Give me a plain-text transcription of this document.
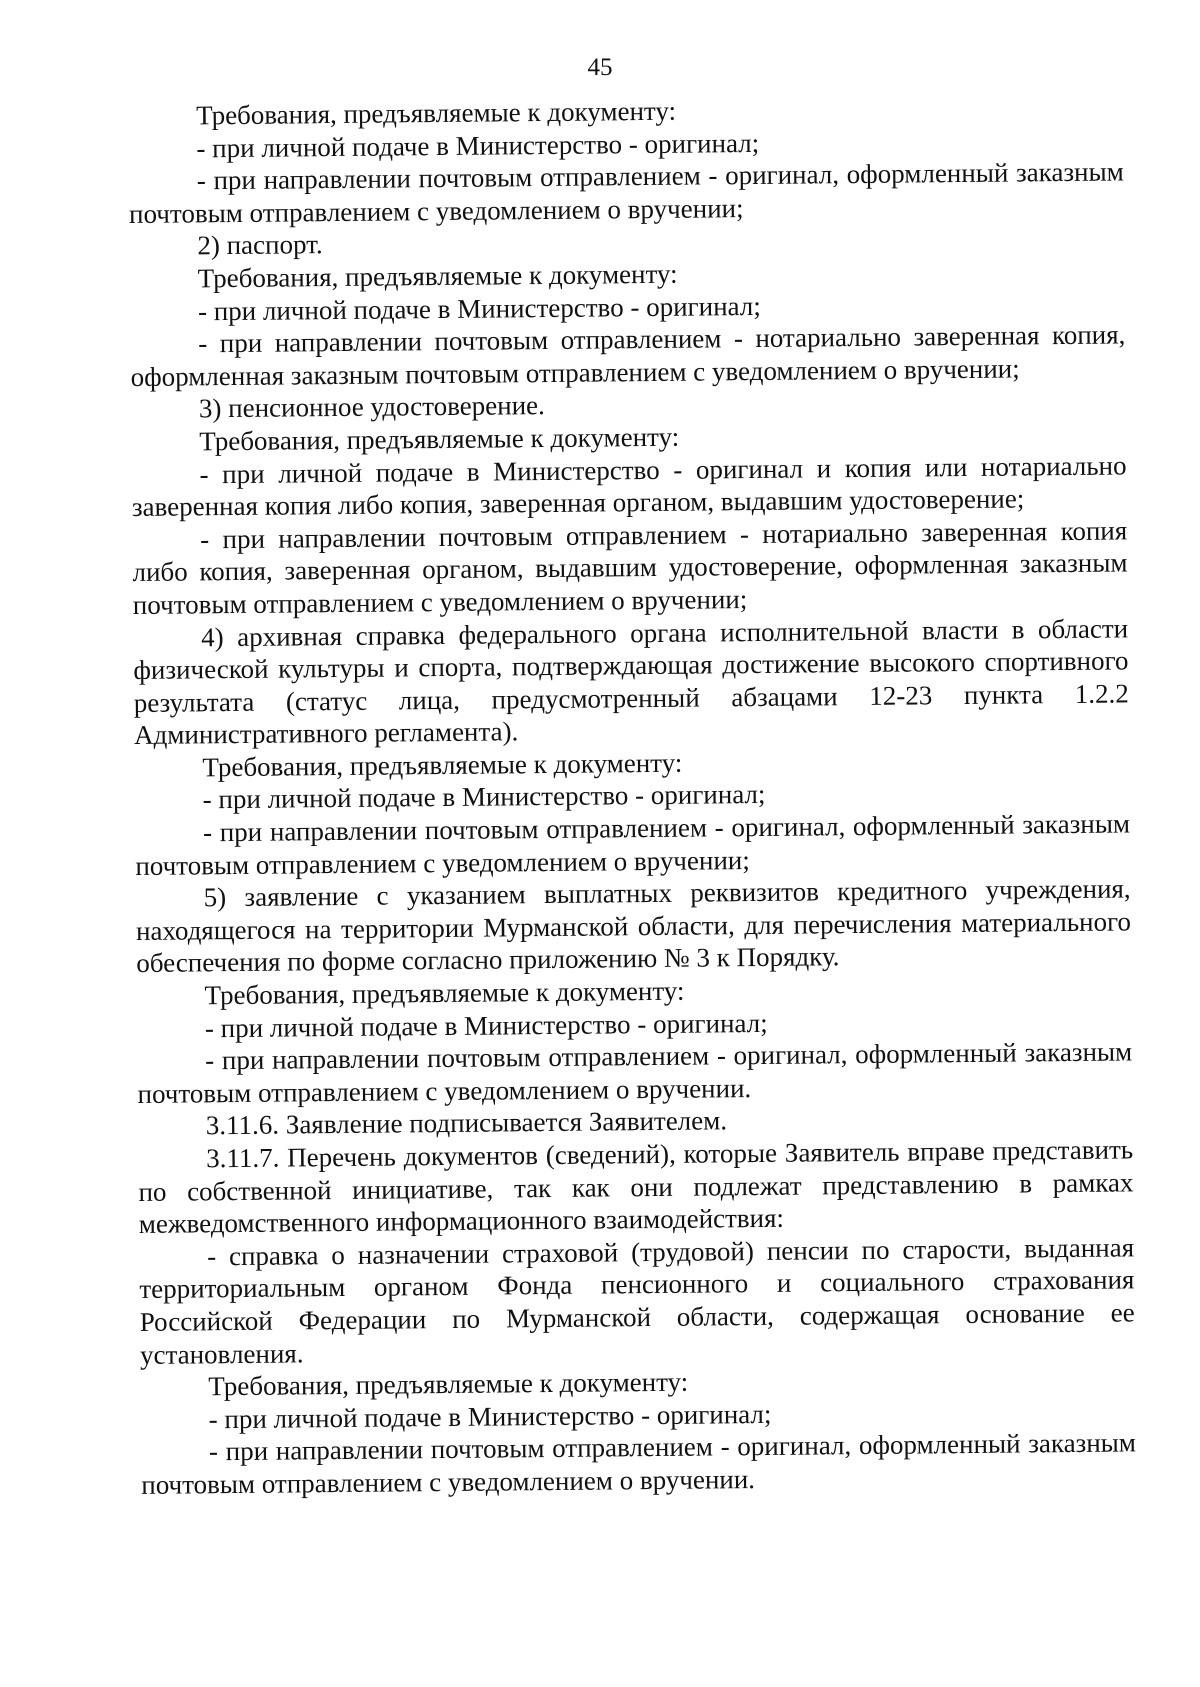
45

Требования, предъявляемые к документу:

- при личной подаче в Министерство - оригинал;

- при направлении почтовым отправлением - оригинал, оформленный заказным почтовым отправлением с уведомлением о вручении;

2) паспорт.

Требования, предъявляемые к документу:

- при личной подаче в Министерство - оригинал;

- при направлении почтовым отправлением - нотариально заверенная копия, оформленная заказным почтовым отправлением с уведомлением о вручении;

3) пенсионное удостоверение.

Требования, предъявляемые к документу:

- при личной подаче в Министерство - оригинал и копия или нотариально заверенная копия либо копия, заверенная органом, выдавшим удостоверение;

- при направлении почтовым отправлением - нотариально заверенная копия либо копия, заверенная органом, выдавшим удостоверение, оформленная заказным почтовым отправлением с уведомлением о вручении;

4) архивная справка федерального органа исполнительной власти в области физической культуры и спорта, подтверждающая достижение высокого спортивного результата (статус лица, предусмотренный абзацами 12-23 пункта 1.2.2 Административного регламента).

Требования, предъявляемые к документу:

- при личной подаче в Министерство - оригинал;

- при направлении почтовым отправлением - оригинал, оформленный заказным почтовым отправлением с уведомлением о вручении;

5) заявление с указанием выплатных реквизитов кредитного учреждения, находящегося на территории Мурманской области, для перечисления материального обеспечения по форме согласно приложению № 3 к Порядку.

Требования, предъявляемые к документу:

- при личной подаче в Министерство - оригинал;

- при направлении почтовым отправлением - оригинал, оформленный заказным почтовым отправлением с уведомлением о вручении.

3.11.6. Заявление подписывается Заявителем.

3.11.7. Перечень документов (сведений), которые Заявитель вправе представить по собственной инициативе, так как они подлежат представлению в рамках межведомственного информационного взаимодействия:

- справка о назначении страховой (трудовой) пенсии по старости, выданная территориальным органом Фонда пенсионного и социального страхования Российской Федерации по Мурманской области, содержащая основание ее установления.

Требования, предъявляемые к документу:

- при личной подаче в Министерство - оригинал;

- при направлении почтовым отправлением - оригинал, оформленный заказным почтовым отправлением с уведомлением о вручении.
